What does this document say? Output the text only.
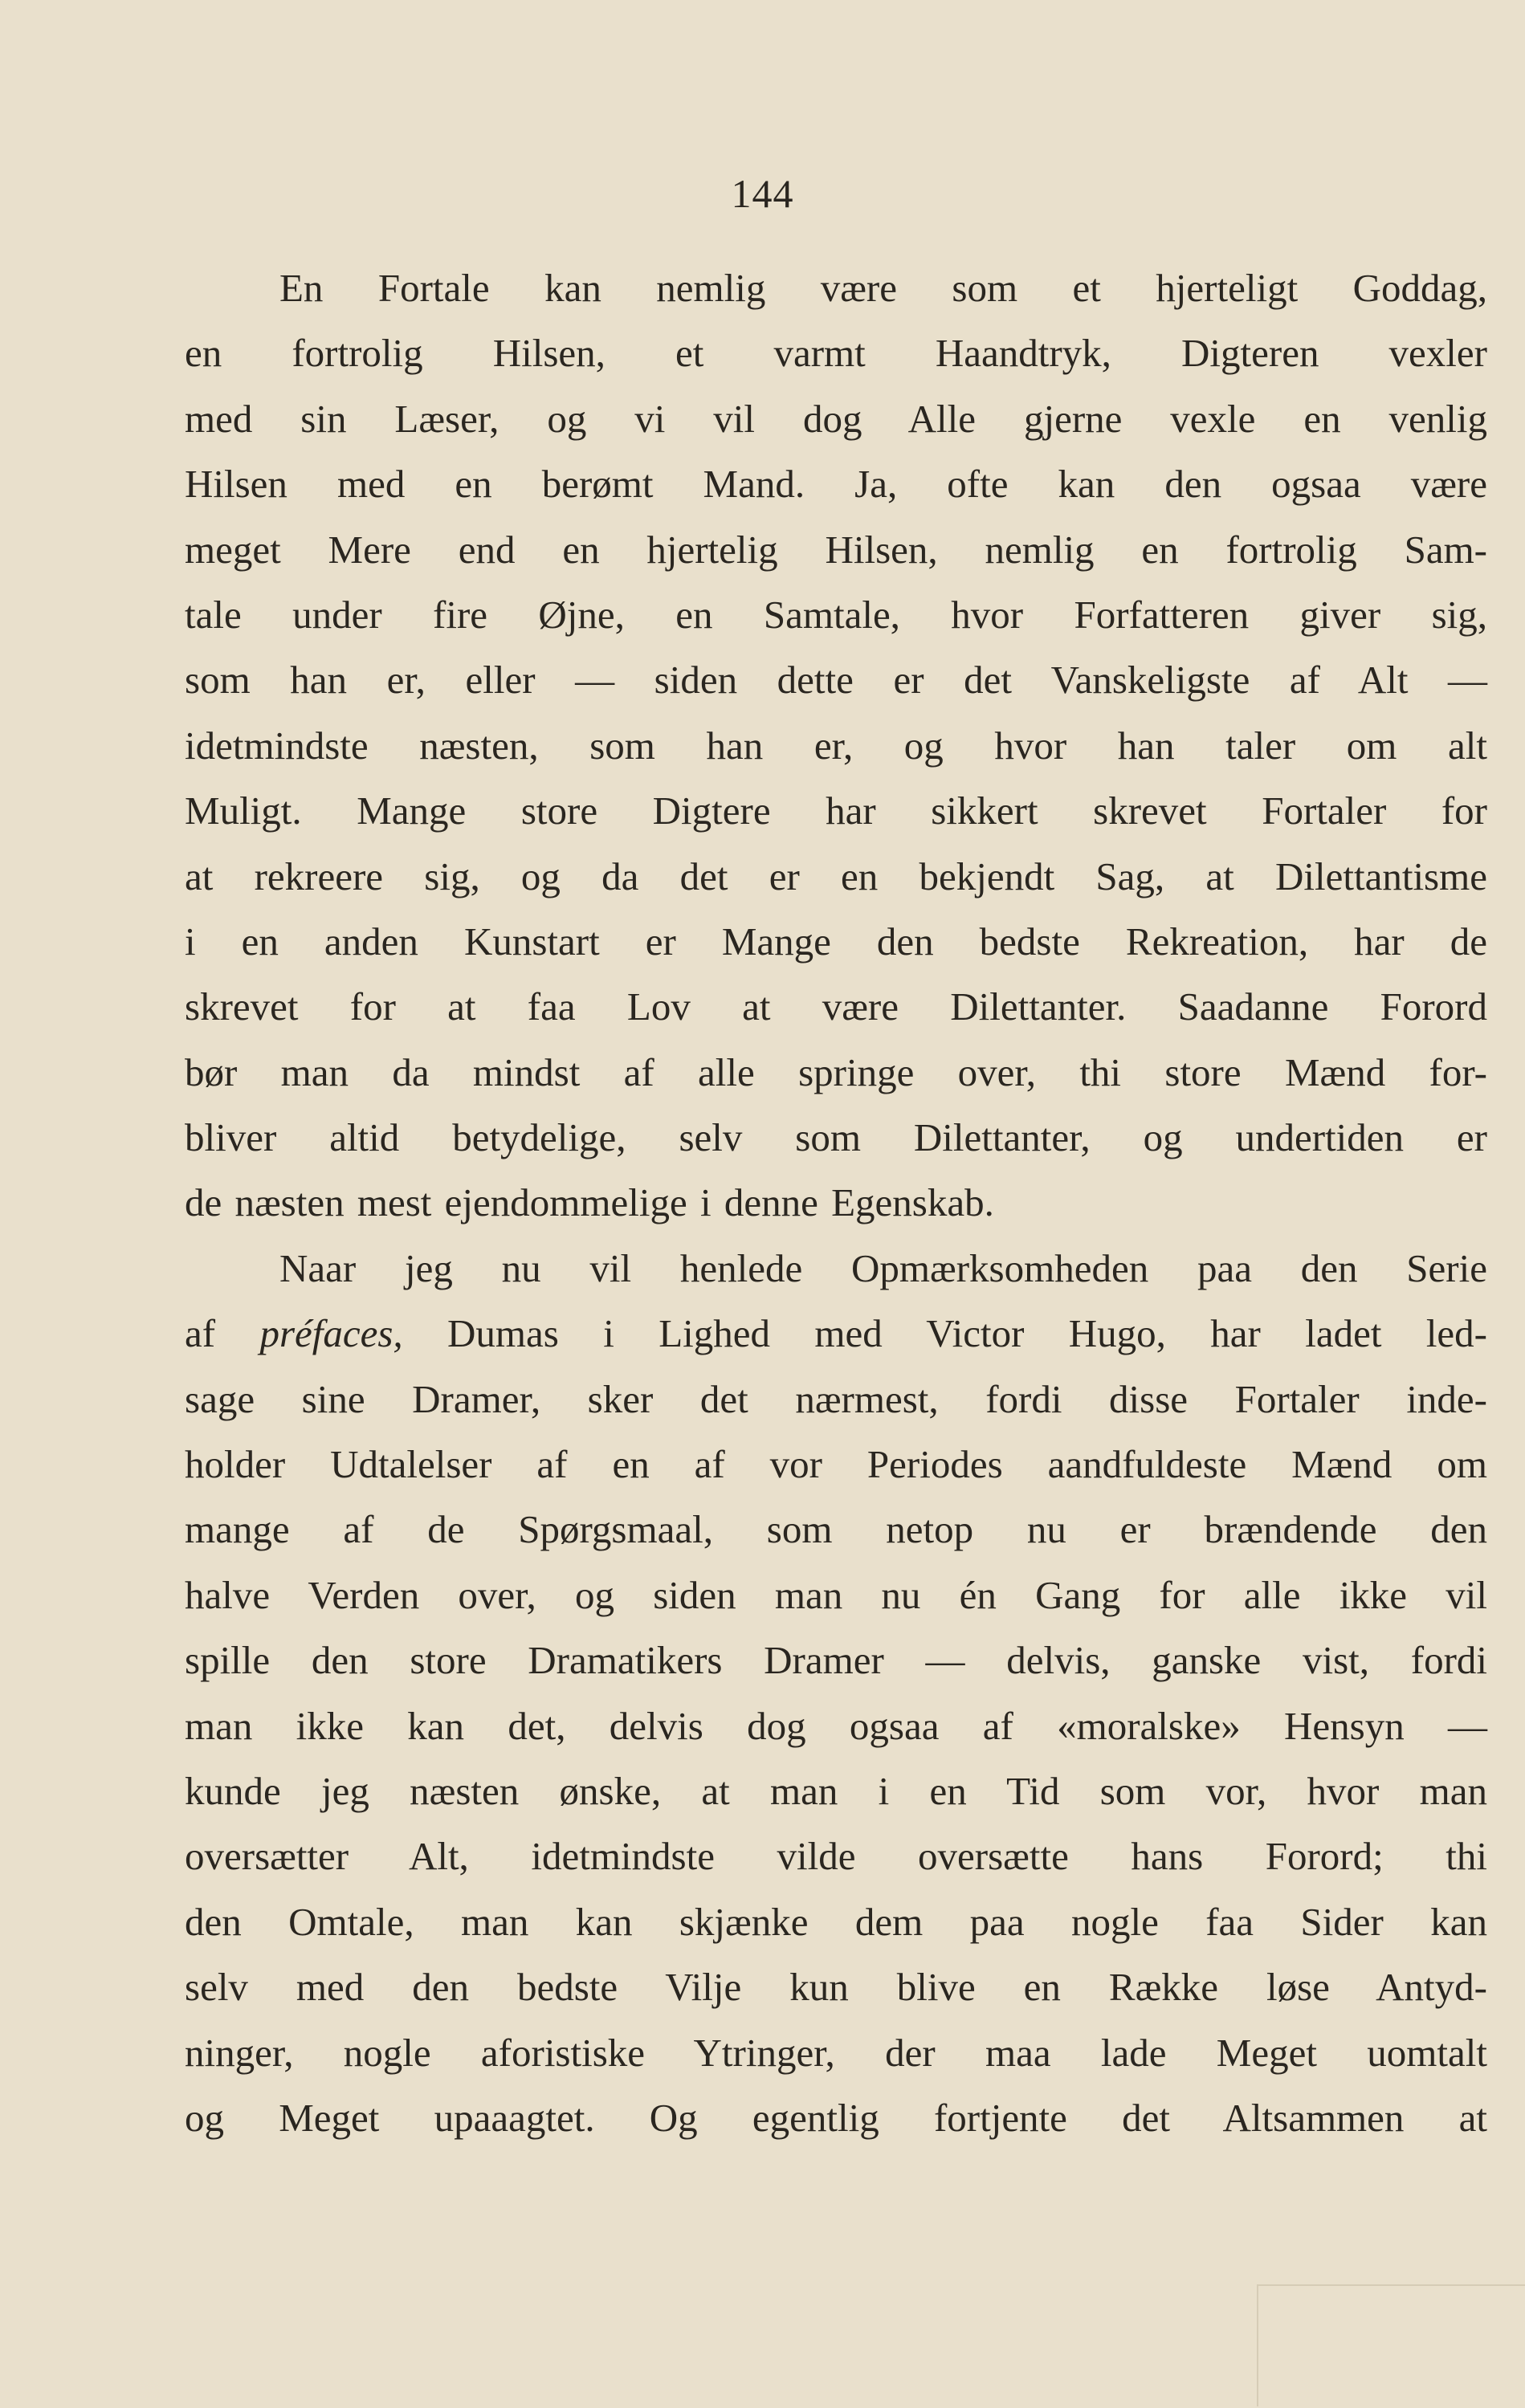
144
En Fortale kan nemlig være som et hjerteligt Goddag,
en fortrolig Hilsen, et varmt Haandtryk, Digteren vexler
med sin Læser, og vi vil dog Alle gjerne vexle en venlig
Hilsen med en berømt Mand. Ja, ofte kan den ogsaa være
meget Mere end en hjertelig Hilsen, nemlig en fortrolig Sam-
tale under fire Øjne, en Samtale, hvor Forfatteren giver sig,
som han er, eller — siden dette er det Vanskeligste af Alt —
idetmindste næsten, som han er, og hvor han taler om alt
Muligt. Mange store Digtere har sikkert skrevet Fortaler for
at rekreere sig, og da det er en bekjendt Sag, at Dilettantisme
i en anden Kunstart er Mange den bedste Rekreation, har de
skrevet for at faa Lov at være Dilettanter. Saadanne Forord
bør man da mindst af alle springe over, thi store Mænd for-
bliver altid betydelige, selv som Dilettanter, og undertiden er
de næsten mest ejendommelige i denne Egenskab.
Naar jeg nu vil henlede Opmærksomheden paa den Serie
af préfaces, Dumas i Lighed med Victor Hugo, har ladet led-
sage sine Dramer, sker det nærmest, fordi disse Fortaler inde-
holder Udtalelser af en af vor Periodes aandfuldeste Mænd om
mange af de Spørgsmaal, som netop nu er brændende den
halve Verden over, og siden man nu én Gang for alle ikke vil
spille den store Dramatikers Dramer — delvis, ganske vist, fordi
man ikke kan det, delvis dog ogsaa af «moralske» Hensyn —
kunde jeg næsten ønske, at man i en Tid som vor, hvor man
oversætter Alt, idetmindste vilde oversætte hans Forord; thi
den Omtale, man kan skjænke dem paa nogle faa Sider kan
selv med den bedste Vilje kun blive en Række løse Antyd-
ninger, nogle aforistiske Ytringer, der maa lade Meget uomtalt
og Meget upaaagtet. Og egentlig fortjente det Altsammen at
